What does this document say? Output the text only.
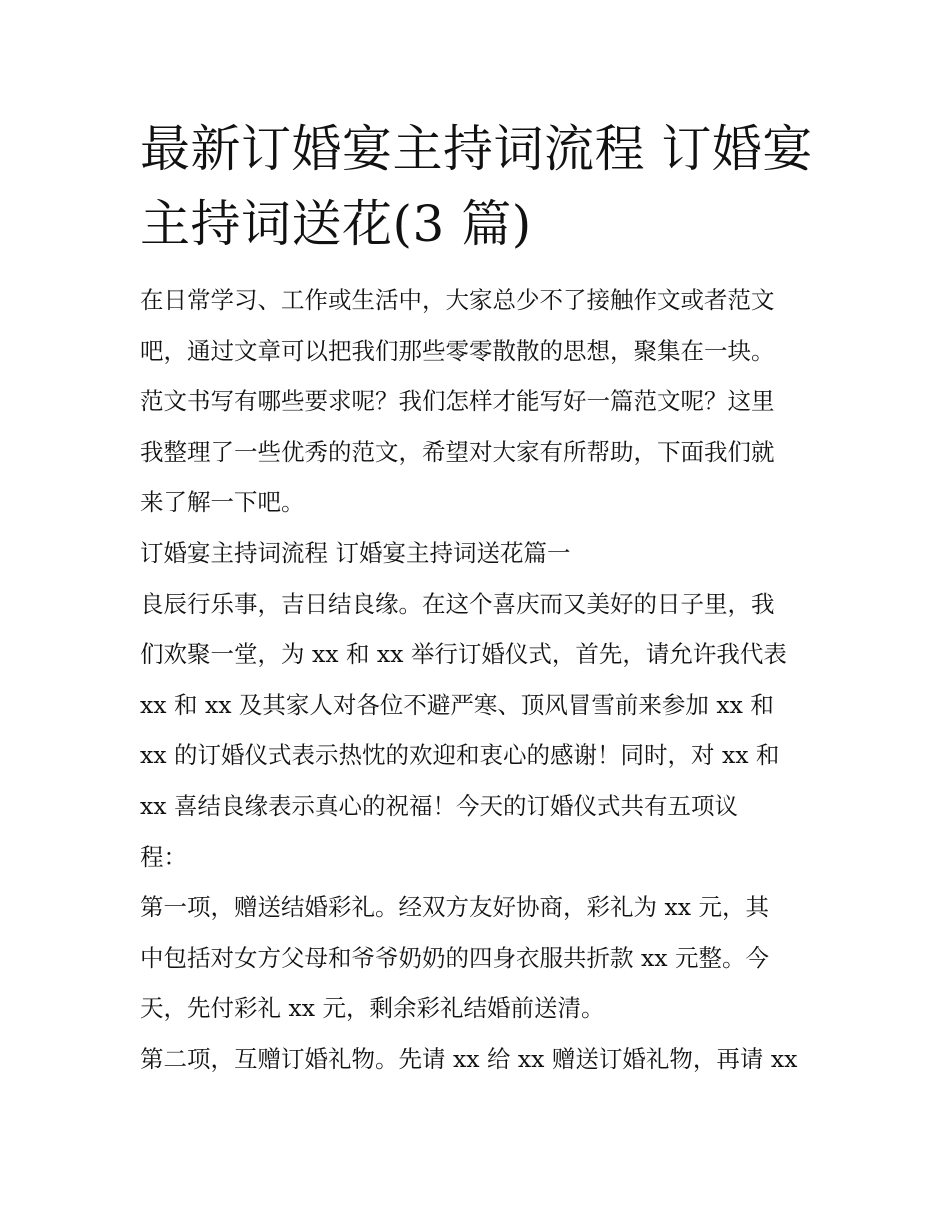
最新订婚宴主持词流程 订婚宴
主持词送花(3 篇)
在日常学习、工作或生活中，大家总少不了接触作文或者范文
吧，通过文章可以把我们那些零零散散的思想，聚集在一块。
范文书写有哪些要求呢？我们怎样才能写好一篇范文呢？这里
我整理了一些优秀的范文，希望对大家有所帮助，下面我们就
来了解一下吧。
订婚宴主持词流程 订婚宴主持词送花篇一
良辰行乐事，吉日结良缘。在这个喜庆而又美好的日子里，我
们欢聚一堂，为 xx 和 xx 举行订婚仪式，首先，请允许我代表
xx 和 xx 及其家人对各位不避严寒、顶风冒雪前来参加 xx 和
xx 的订婚仪式表示热忱的欢迎和衷心的感谢！同时，对 xx 和
xx 喜结良缘表示真心的祝福！今天的订婚仪式共有五项议
程：
第一项，赠送结婚彩礼。经双方友好协商，彩礼为 xx 元，其
中包括对女方父母和爷爷奶奶的四身衣服共折款 xx 元整。今
天，先付彩礼 xx 元，剩余彩礼结婚前送清。
第二项，互赠订婚礼物。先请 xx 给 xx 赠送订婚礼物，再请 xx
